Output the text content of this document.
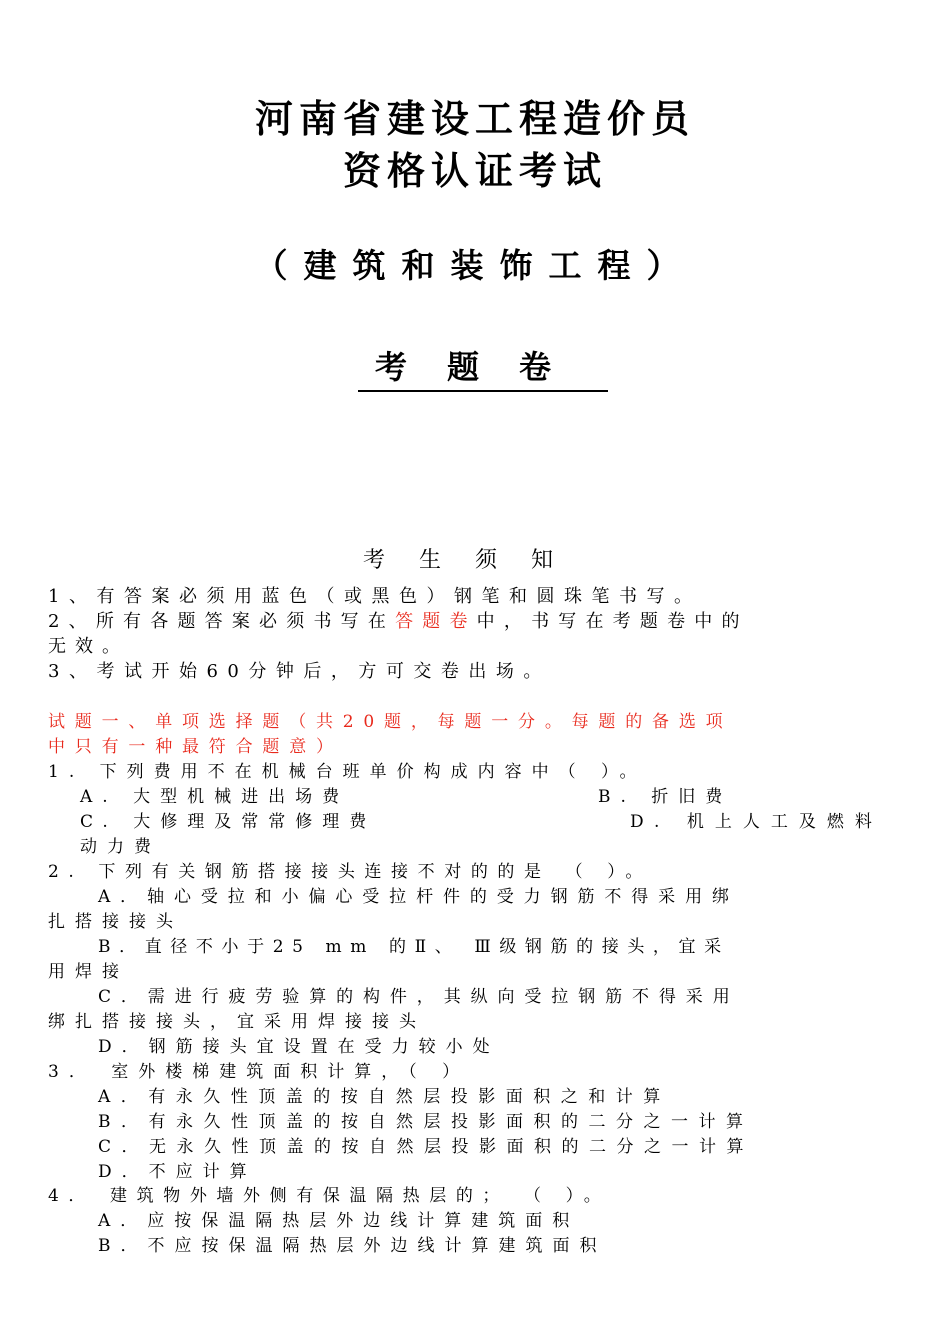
河南省建设工程造价员
资格认证考试
（建筑和装饰工程）
考题卷
考生须知
1、有答案必须用蓝色（或黑色）钢笔和圆珠笔书写。
2、所有各题答案必须书写在答题卷中，书写在考题卷中的
无效。
3、考试开始60分钟后，方可交卷出场。
试题一、单项选择题（共20题，每题一分。每题的备选项
中只有一种最符合题意）
1. 下列费用不在机械台班单价构成内容中（ ）。
A. 大型机械进出场费	B. 折旧费
C. 大修理及常常修理费	D. 机上人工及燃料
动力费
2. 下列有关钢筋搭接接头连接不对的的是 （ ）。
A．轴心受拉和小偏心受拉杆件的受力钢筋不得采用绑
扎搭接接头
B．直径不小于25 mm 的Ⅱ、 Ⅲ级钢筋的接头，宜采
用焊接
C．需进行疲劳验算的构件，其纵向受拉钢筋不得采用
绑扎搭接接头，宜采用焊接接头
D．钢筋接头宜设置在受力较小处
3． 室外楼梯建筑面积计算，（ ）
A．有永久性顶盖的按自然层投影面积之和计算
B．有永久性顶盖的按自然层投影面积的二分之一计算
C．无永久性顶盖的按自然层投影面积的二分之一计算
D．不应计算
4． 建筑物外墙外侧有保温隔热层的； （ ）。
A．应按保温隔热层外边线计算建筑面积
B．不应按保温隔热层外边线计算建筑面积
